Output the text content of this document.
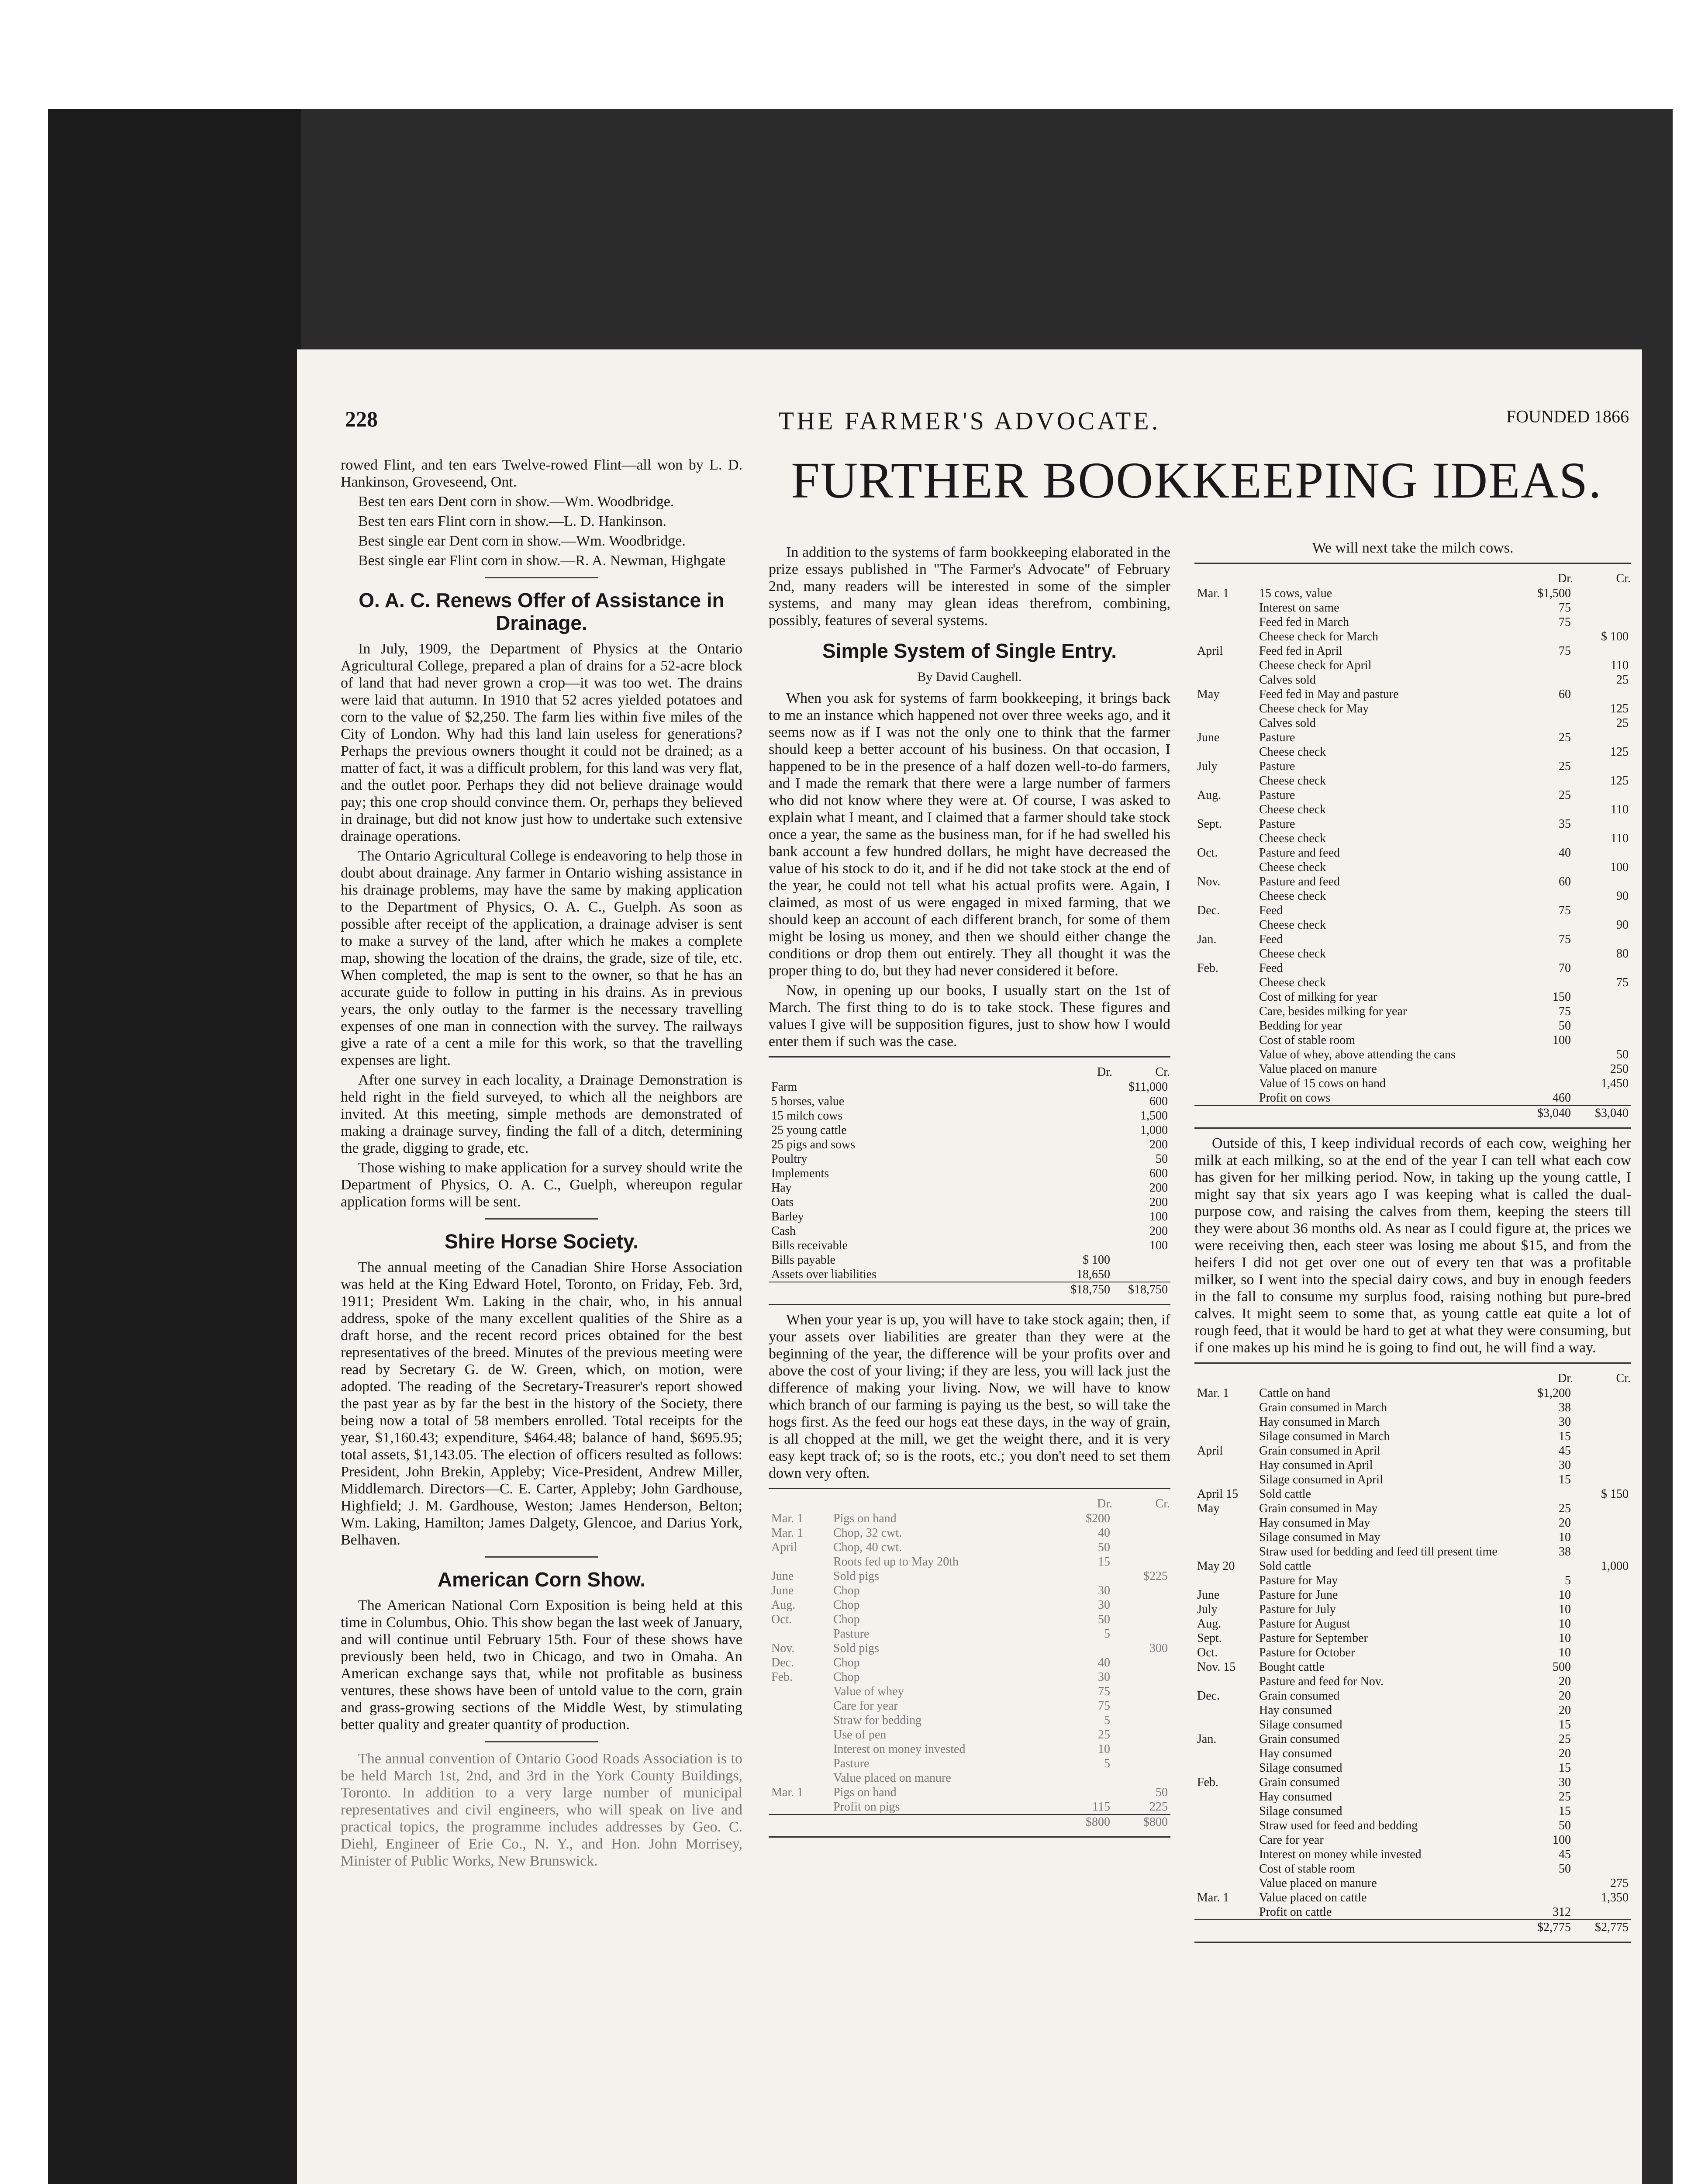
228	THE FARMER'S ADVOCATE.	FOUNDED 1866
FURTHER BOOKKEEPING IDEAS.

rowed Flint, and ten ears Twelve-rowed Flint—all won by L. D. Hankinson, Groveseend, Ont.

Best ten ears Dent corn in show.—Wm. Woodbridge.

Best ten ears Flint corn in show.—L. D. Hankinson.

Best single ear Dent corn in show.—Wm. Woodbridge.

Best single ear Flint corn in show.—R. A. Newman, Highgate

O. A. C. Renews Offer of Assistance in Drainage.

In July, 1909, the Department of Physics at the Ontario Agricultural College, prepared a plan of drains for a 52-acre block of land that had never grown a crop—it was too wet. The drains were laid that autumn. In 1910 that 52 acres yielded potatoes and corn to the value of $2,250. The farm lies within five miles of the City of London. Why had this land lain useless for generations? Perhaps the previous owners thought it could not be drained; as a matter of fact, it was a difficult problem, for this land was very flat, and the outlet poor. Perhaps they did not believe drainage would pay; this one crop should convince them. Or, perhaps they believed in drainage, but did not know just how to undertake such extensive drainage operations.

The Ontario Agricultural College is endeavoring to help those in doubt about drainage. Any farmer in Ontario wishing assistance in his drainage problems, may have the same by making application to the Department of Physics, O. A. C., Guelph. As soon as possible after receipt of the application, a drainage adviser is sent to make a survey of the land, after which he makes a complete map, showing the location of the drains, the grade, size of tile, etc. When completed, the map is sent to the owner, so that he has an accurate guide to follow in putting in his drains. As in previous years, the only outlay to the farmer is the necessary travelling expenses of one man in connection with the survey. The railways give a rate of a cent a mile for this work, so that the travelling expenses are light.

After one survey in each locality, a Drainage Demonstration is held right in the field surveyed, to which all the neighbors are invited. At this meeting, simple methods are demonstrated of making a drainage survey, finding the fall of a ditch, determining the grade, digging to grade, etc.

Those wishing to make application for a survey should write the Department of Physics, O. A. C., Guelph, whereupon regular application forms will be sent.

Shire Horse Society.

The annual meeting of the Canadian Shire Horse Association was held at the King Edward Hotel, Toronto, on Friday, Feb. 3rd, 1911; President Wm. Laking in the chair, who, in his annual address, spoke of the many excellent qualities of the Shire as a draft horse, and the recent record prices obtained for the best representatives of the breed. Minutes of the previous meeting were read by Secretary G. de W. Green, which, on motion, were adopted. The reading of the Secretary-Treasurer's report showed the past year as by far the best in the history of the Society, there being now a total of 58 members enrolled. Total receipts for the year, $1,160.43; expenditure, $464.48; balance of hand, $695.95; total assets, $1,143.05. The election of officers resulted as follows: President, John Brekin, Appleby; Vice-President, Andrew Miller, Middlemarch. Directors—C. E. Carter, Appleby; John Gardhouse, Highfield; J. M. Gardhouse, Weston; James Henderson, Belton; Wm. Laking, Hamilton; James Dalgety, Glencoe, and Darius York, Belhaven.

American Corn Show.

The American National Corn Exposition is being held at this time in Columbus, Ohio. This show began the last week of January, and will continue until February 15th. Four of these shows have previously been held, two in Chicago, and two in Omaha. An American exchange says that, while not profitable as business ventures, these shows have been of untold value to the corn, grain and grass-growing sections of the Middle West, by stimulating better quality and greater quantity of production.

The annual convention of Ontario Good Roads Association is to be held March 1st, 2nd, and 3rd in the York County Buildings, Toronto. In addition to a very large number of municipal representatives and civil engineers, who will speak on live and practical topics, the programme includes addresses by Geo. C. Diehl, Engineer of Erie Co., N. Y., and Hon. John Morrisey, Minister of Public Works, New Brunswick.

In addition to the systems of farm bookkeeping elaborated in the prize essays published in "The Farmer's Advocate" of February 2nd, many readers will be interested in some of the simpler systems, and many may glean ideas therefrom, combining, possibly, features of several systems.

Simple System of Single Entry.
By David Caughell.

When you ask for systems of farm bookkeeping, it brings back to me an instance which happened not over three weeks ago, and it seems now as if I was not the only one to think that the farmer should keep a better account of his business. On that occasion, I happened to be in the presence of a half dozen well-to-do farmers, and I made the remark that there were a large number of farmers who did not know where they were at. Of course, I was asked to explain what I meant, and I claimed that a farmer should take stock once a year, the same as the business man, for if he had swelled his bank account a few hundred dollars, he might have decreased the value of his stock to do it, and if he did not take stock at the end of the year, he could not tell what his actual profits were. Again, I claimed, as most of us were engaged in mixed farming, that we should keep an account of each different branch, for some of them might be losing us money, and then we should either change the conditions or drop them out entirely. They all thought it was the proper thing to do, but they had never considered it before.

Now, in opening up our books, I usually start on the 1st of March. The first thing to do is to take stock. These figures and values I give will be supposition figures, just to show how I would enter them if such was the case.

	Dr.	Cr.
Farm		$11,000
5 horses, value		600
15 milch cows		1,500
25 young cattle		1,000
25 pigs and sows		200
Poultry		50
Implements		600
Hay		200
Oats		200
Barley		100
Cash		200
Bills receivable		100
Bills payable	$ 100	
Assets over liabilities	18,650	
	$18,750	$18,750

When your year is up, you will have to take stock again; then, if your assets over liabilities are greater than they were at the beginning of the year, the difference will be your profits over and above the cost of your living; if they are less, you will lack just the difference of making your living. Now, we will have to know which branch of our farming is paying us the best, so will take the hogs first. As the feed our hogs eat these days, in the way of grain, is all chopped at the mill, we get the weight there, and it is very easy kept track of; so is the roots, etc.; you don't need to set them down very often.

		Dr.	Cr.
Mar. 1	Pigs on hand	$200	
Mar. 1	Chop, 32 cwt.	40	
April	Chop, 40 cwt.	50	
	Roots fed up to May 20th	15	
June	Sold pigs		$225
June	Chop	30	
Aug.	Chop	30	
Oct.	Chop	50	
	Pasture	5	
Nov.	Sold pigs		300
Dec.	Chop	40	
Feb.	Chop	30	
	Value of whey	75	
	Care for year	75	
	Straw for bedding	5	
	Use of pen	25	
	Interest on money invested	10	
	Pasture	5	
	Value placed on manure		
Mar. 1	Pigs on hand		50
	Profit on pigs	115	225
		$800	$800

We will next take the milch cows.

		Dr.	Cr.
Mar. 1	15 cows, value	$1,500	
	Interest on same	75	
	Feed fed in March	75	
	Cheese check for March		$ 100
April	Feed fed in April	75	
	Cheese check for April		110
	Calves sold		25
May	Feed fed in May and pasture	60	
	Cheese check for May		125
	Calves sold		25
June	Pasture	25	
	Cheese check		125
July	Pasture	25	
	Cheese check		125
Aug.	Pasture	25	
	Cheese check		110
Sept.	Pasture	35	
	Cheese check		110
Oct.	Pasture and feed	40	
	Cheese check		100
Nov.	Pasture and feed	60	
	Cheese check		90
Dec.	Feed	75	
	Cheese check		90
Jan.	Feed	75	
	Cheese check		80
Feb.	Feed	70	
	Cheese check		75
	Cost of milking for year	150	
	Care, besides milking for year	75	
	Bedding for year	50	
	Cost of stable room	100	
	Value of whey, above attending the cans		50
	Value placed on manure		250
	Value of 15 cows on hand		1,450
	Profit on cows	460	
		$3,040	$3,040

Outside of this, I keep individual records of each cow, weighing her milk at each milking, so at the end of the year I can tell what each cow has given for her milking period. Now, in taking up the young cattle, I might say that six years ago I was keeping what is called the dual-purpose cow, and raising the calves from them, keeping the steers till they were about 36 months old. As near as I could figure at, the prices we were receiving then, each steer was losing me about $15, and from the heifers I did not get over one out of every ten that was a profitable milker, so I went into the special dairy cows, and buy in enough feeders in the fall to consume my surplus food, raising nothing but pure-bred calves. It might seem to some that, as young cattle eat quite a lot of rough feed, that it would be hard to get at what they were consuming, but if one makes up his mind he is going to find out, he will find a way.

		Dr.	Cr.
Mar. 1	Cattle on hand	$1,200	
	Grain consumed in March	38	
	Hay consumed in March	30	
	Silage consumed in March	15	
April	Grain consumed in April	45	
	Hay consumed in April	30	
	Silage consumed in April	15	
April 15	Sold cattle		$ 150
May	Grain consumed in May	25	
	Hay consumed in May	20	
	Silage consumed in May	10	
	Straw used for bedding and feed till present time	38	
May 20	Sold cattle		1,000
	Pasture for May	5	
June	Pasture for June	10	
July	Pasture for July	10	
Aug.	Pasture for August	10	
Sept.	Pasture for September	10	
Oct.	Pasture for October	10	
Nov. 15	Bought cattle	500	
	Pasture and feed for Nov.	20	
Dec.	Grain consumed	20	
	Hay consumed	20	
	Silage consumed	15	
Jan.	Grain consumed	25	
	Hay consumed	20	
	Silage consumed	15	
Feb.	Grain consumed	30	
	Hay consumed	25	
	Silage consumed	15	
	Straw used for feed and bedding	50	
	Care for year	100	
	Interest on money while invested	45	
	Cost of stable room	50	
	Value placed on manure		275
Mar. 1	Value placed on cattle		1,350
	Profit on cattle	312	
		$2,775	$2,775
